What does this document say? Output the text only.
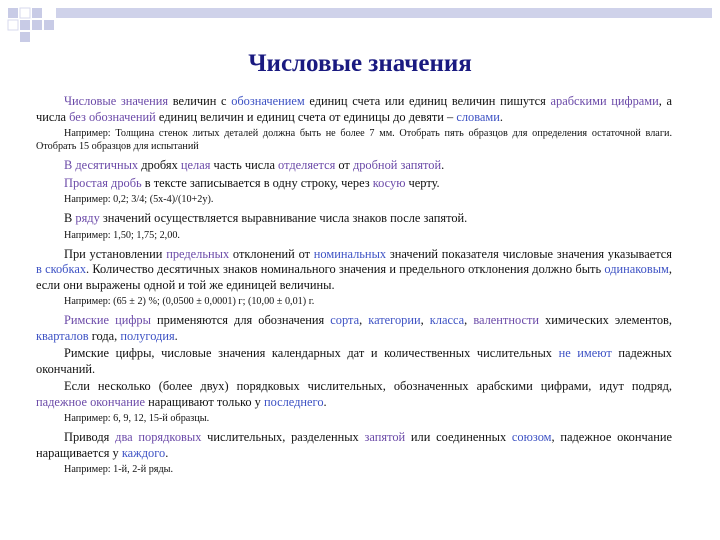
Числовые значения

Числовые значения величин с обозначением единиц счета или единиц величин пишутся арабскими цифрами, а числа без обозначений единиц величин и единиц счета от единицы до девяти – словами.

Например: Толщина стенок литых деталей должна быть не более 7 мм. Отобрать пять образцов для определения остаточной влаги. Отобрать 15 образцов для испытаний

В десятичных дробях целая часть числа отделяется от дробной запятой.

Простая дробь в тексте записывается в одну строку, через косую черту.

Например: 0,2; 3/4; (5х-4)/(10+2у).

В ряду значений осуществляется выравнивание числа знаков после запятой.

Например: 1,50; 1,75; 2,00.

При установлении предельных отклонений от номинальных значений показателя числовые значения указывается в скобках. Количество десятичных знаков номинального значения и предельного отклонения должно быть одинаковым, если они выражены одной и той же единицей величины.

Например: (65 ± 2) %; (0,0500 ± 0,0001) г; (10,00 ± 0,01) г.

Римские цифры применяются для обозначения сорта, категории, класса, валентности химических элементов, кварталов года, полугодия.

Римские цифры, числовые значения календарных дат и количественных числительных не имеют падежных окончаний.

Если несколько (более двух) порядковых числительных, обозначенных арабскими цифрами, идут подряд, падежное окончание наращивают только у последнего.

Например: 6, 9, 12, 15-й образцы.

Приводя два порядковых числительных, разделенных запятой или соединенных союзом, падежное окончание наращивается у каждого.

Например: 1-й, 2-й ряды.
